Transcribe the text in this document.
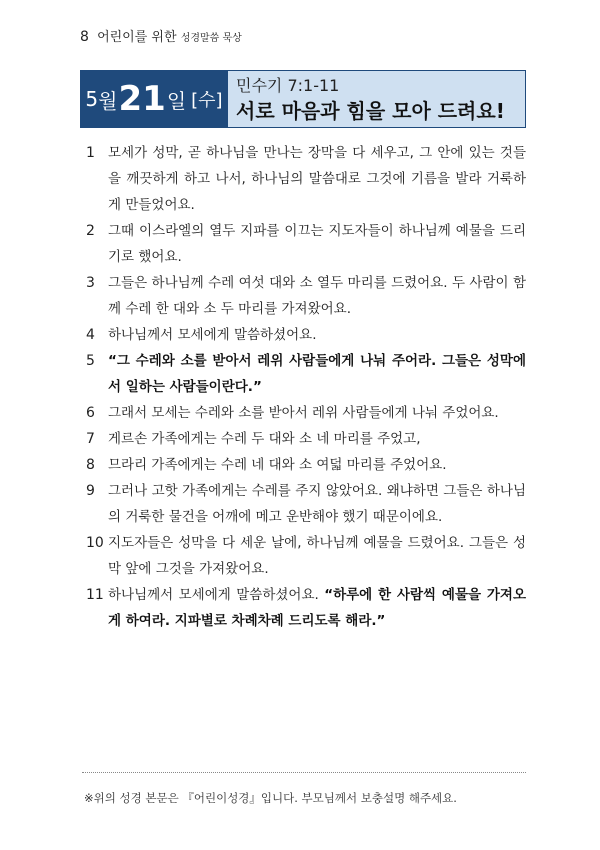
8 어린이를 위한 성경말씀 묵상
5 월 21 일 [수]
민수기 7:1-11
서로 마음과 힘을 모아 드려요!
1 모세가 성막, 곧 하나님을 만나는 장막을 다 세우고, 그 안에 있는 것들을 깨끗하게 하고 나서, 하나님의 말씀대로 그것에 기름을 발라 거룩하게 만들었어요.
2 그때 이스라엘의 열두 지파를 이끄는 지도자들이 하나님께 예물을 드리기로 했어요.
3 그들은 하나님께 수레 여섯 대와 소 열두 마리를 드렸어요. 두 사람이 함께 수레 한 대와 소 두 마리를 가져왔어요.
4 하나님께서 모세에게 말씀하셨어요.
5 “그 수레와 소를 받아서 레위 사람들에게 나눠 주어라. 그들은 성막에서 일하는 사람들이란다.”
6 그래서 모세는 수레와 소를 받아서 레위 사람들에게 나눠 주었어요.
7 게르손 가족에게는 수레 두 대와 소 네 마리를 주었고,
8 므라리 가족에게는 수레 네 대와 소 여덟 마리를 주었어요.
9 그러나 고핫 가족에게는 수레를 주지 않았어요. 왜냐하면 그들은 하나님의 거룩한 물건을 어깨에 메고 운반해야 했기 때문이에요.
10 지도자들은 성막을 다 세운 날에, 하나님께 예물을 드렸어요. 그들은 성막 앞에 그것을 가져왔어요.
11 하나님께서 모세에게 말씀하셨어요. “하루에 한 사람씩 예물을 가져오게 하여라. 지파별로 차례차례 드리도록 해라.”
※위의 성경 본문은 『어린이성경』입니다. 부모님께서 보충설명 해주세요.
